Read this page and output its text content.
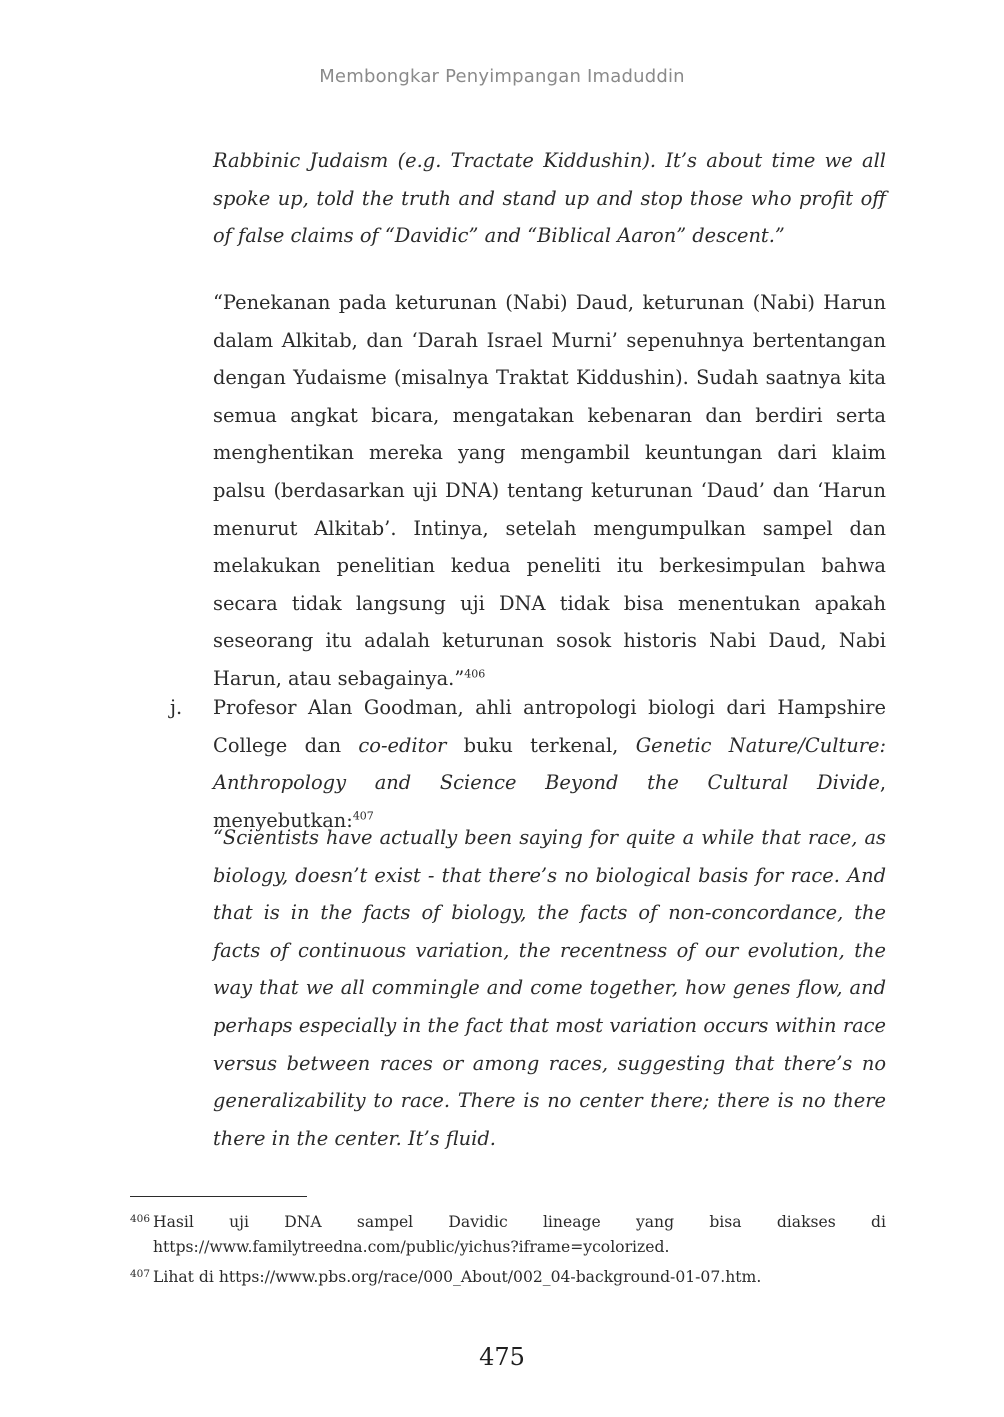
Membongkar Penyimpangan Imaduddin

Rabbinic Judaism (e.g. Tractate Kiddushin). It’s about time we all spoke up, told the truth and stand up and stop those who profit off of false claims of “Davidic” and “Biblical Aaron” descent.”

“Penekanan pada keturunan (Nabi) Daud, keturunan (Nabi) Harun dalam Alkitab, dan ‘Darah Israel Murni’ sepenuhnya bertentangan dengan Yudaisme (misalnya Traktat Kiddushin). Sudah saatnya kita semua angkat bicara, mengatakan kebenaran dan berdiri serta menghentikan mereka yang mengambil keuntungan dari klaim palsu (berdasarkan uji DNA) tentang keturunan ‘Daud’ dan ‘Harun menurut Alkitab’. Intinya, setelah mengumpulkan sampel dan melakukan penelitian kedua peneliti itu berkesimpulan bahwa secara tidak langsung uji DNA tidak bisa menentukan apakah seseorang itu adalah keturunan sosok historis Nabi Daud, Nabi Harun, atau sebagainya.”$^{406}$

j. Profesor Alan Goodman, ahli antropologi biologi dari Hampshire College dan co-editor buku terkenal, Genetic Nature/Culture: Anthropology and Science Beyond the Cultural Divide, menyebutkan:$^{407}$

“Scientists have actually been saying for quite a while that race, as biology, doesn’t exist - that there’s no biological basis for race. And that is in the facts of biology, the facts of non-concordance, the facts of continuous variation, the recentness of our evolution, the way that we all commingle and come together, how genes flow, and perhaps especially in the fact that most variation occurs within race versus between races or among races, suggesting that there’s no generalizability to race. There is no center there; there is no there there in the center. It’s fluid.

406 Hasil uji DNA sampel Davidic lineage yang bisa diakses di https://www.familytreedna.com/public/yichus?iframe=ycolorized.
407 Lihat di https://www.pbs.org/race/000_About/002_04-background-01-07.htm.
475
